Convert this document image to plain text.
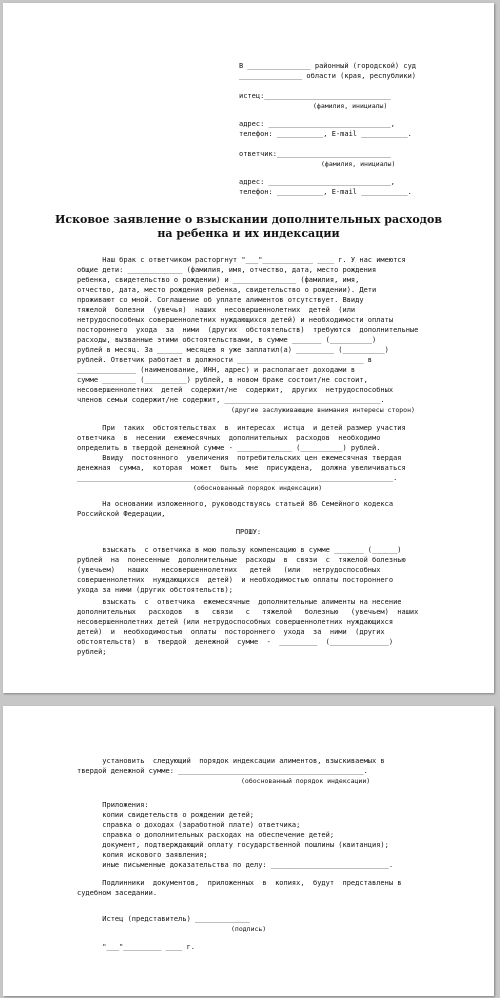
В _______________ районный (городской) суд
_______________ области (края, республики)
истец:______________________________
(фамилия, инициалы)
адрес: _____________________________,
телефон: ___________, E-mail ___________.
ответчик:___________________________
(фамилия, инициалы)
адрес: _____________________________,
телефон: ___________, E-mail ___________.
Исковое заявление о взыскании дополнительных расходов
на ребенка и их индексации
Наш брак с ответчиком расторгнут "___"____________ ____ г. У нас имеются
общие дети: _____________ (фамилия, имя, отчество, дата, место рождения
ребенка, свидетельство о рождении) и _______________ (фамилия, имя,
отчество, дата, место рождения ребенка, свидетельство о рождении). Дети
проживают со мной. Соглашение об уплате алиментов отсутствует. Ввиду
тяжелой  болезни  (увечья)  наших  несовершеннолетних  детей  (или
нетрудоспособных совершеннолетних нуждающихся детей) и необходимости оплаты
постороннего  ухода  за  ними  (других  обстоятельств)  требуются  дополнительные
расходы, вызванные этими обстоятельствами, в сумме _______ (__________)
рублей в месяц. За ______ месяцев я уже заплатил(а) _________ (__________)
рублей. Ответчик работает в должности ______________________________ в
______________ (наименование, ИНН, адрес) и располагает доходами в
сумме ________ (__________) рублей, в новом браке состоит/не состоит,
несовершеннолетних  детей  содержит/не  содержит,  других  нетрудоспособных
членов семьи содержит/не содержит, _____________________________________.
(другие заслуживающие внимания интересы сторон)
При  таких  обстоятельствах  в  интересах  истца  и детей размер участия
ответчика  в  несении  ежемесячных  дополнительных  расходов  необходимо
определить в твердой денежной сумме - _____________ (__________) рублей.
Ввиду  постоянного  увеличения  потребительских цен ежемесячная твердая
денежная  сумма,  которая  может  быть  мне  присуждена,  должна увеличиваться
___________________________________________________________________________.
(обоснованный порядок индексации)
На основании изложенного, руководствуясь статьей 86 Семейного кодекса
Российской Федерации,
ПРОШУ:
взыскать  с ответчика в мою пользу компенсацию в сумме _______ (______)
рублей  на  понесенные  дополнительные  расходы  в  связи  с  тяжелой болезнью
(увечьем)   наших   несовершеннолетних   детей   (или   нетрудоспособных
совершеннолетних  нуждающихся  детей)  и необходимостью оплаты постороннего
ухода за ними (других обстоятельств);
взыскать  с  ответчика  ежемесячные  дополнительные алименты на несение
дополнительных   расходов   в   связи   с   тяжелой   болезнью   (увечьем)  наших
несовершеннолетних детей (или нетрудоспособных совершеннолетних нуждающихся
детей)  и  необходимостью  оплаты  постороннего  ухода  за  ними  (других
обстоятельств)  в  твердой  денежной  сумме  -  _________  (______________)
рублей;
установить  следующий  порядок индексации алиментов, взыскиваемых в
твердой денежной сумме: ____________________________________________.
(обоснованный порядок индексации)
Приложения:
копии свидетельств о рождении детей;
справка о доходах (заработной плате) ответчика;
справка о дополнительных расходах на обеспечение детей;
документ, подтверждающий оплату государственной пошлины (квитанция);
копия искового заявления;
иные письменные доказательства по делу: ____________________________.
Подлинники  документов,  приложенных  в  копиях,  будут  представлены в
судебном заседании.
Истец (представитель) _____________
(подпись)
"___"_________ ____ г.
